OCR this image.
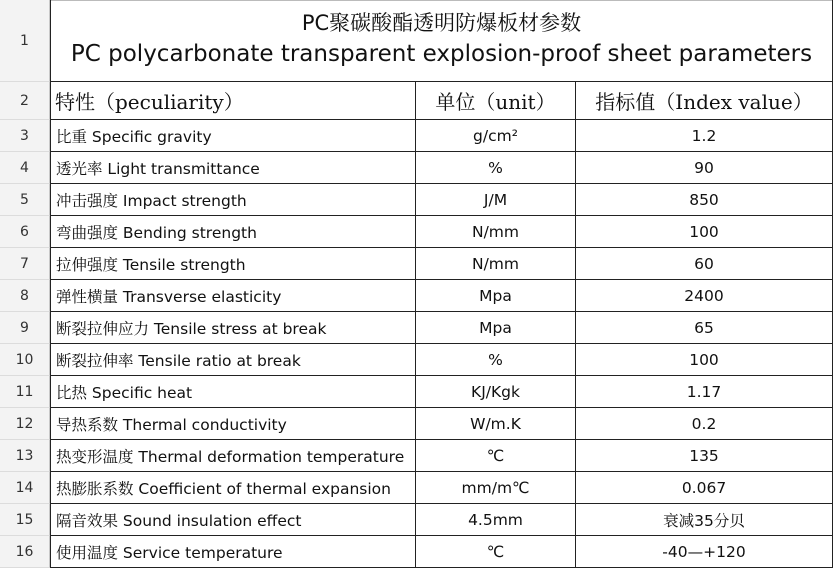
1
PC聚碳酸酯透明防爆板材参数
PC polycarbonate transparent explosion-proof sheet parameters
2	特性（peculiarity）	单位（unit）	指标值（Index value）
3	比重 Specific gravity	g/cm²	1.2
4	透光率 Light transmittance	%	90
5	冲击强度 Impact strength	J/M	850
6	弯曲强度 Bending strength	N/mm	100
7	拉伸强度 Tensile strength	N/mm	60
8	弹性横量 Transverse elasticity	Mpa	2400
9	断裂拉伸应力 Tensile stress at break	Mpa	65
10	断裂拉伸率 Tensile ratio at break	%	100
11	比热 Specific heat	KJ/Kgk	1.17
12	导热系数 Thermal conductivity	W/m.K	0.2
13	热变形温度 Thermal deformation temperature	℃	135
14	热膨胀系数 Coefficient of thermal expansion	mm/m℃	0.067
15	隔音效果 Sound insulation effect	4.5mm	衰减35分贝
16	使用温度 Service temperature	℃	-40—+120
